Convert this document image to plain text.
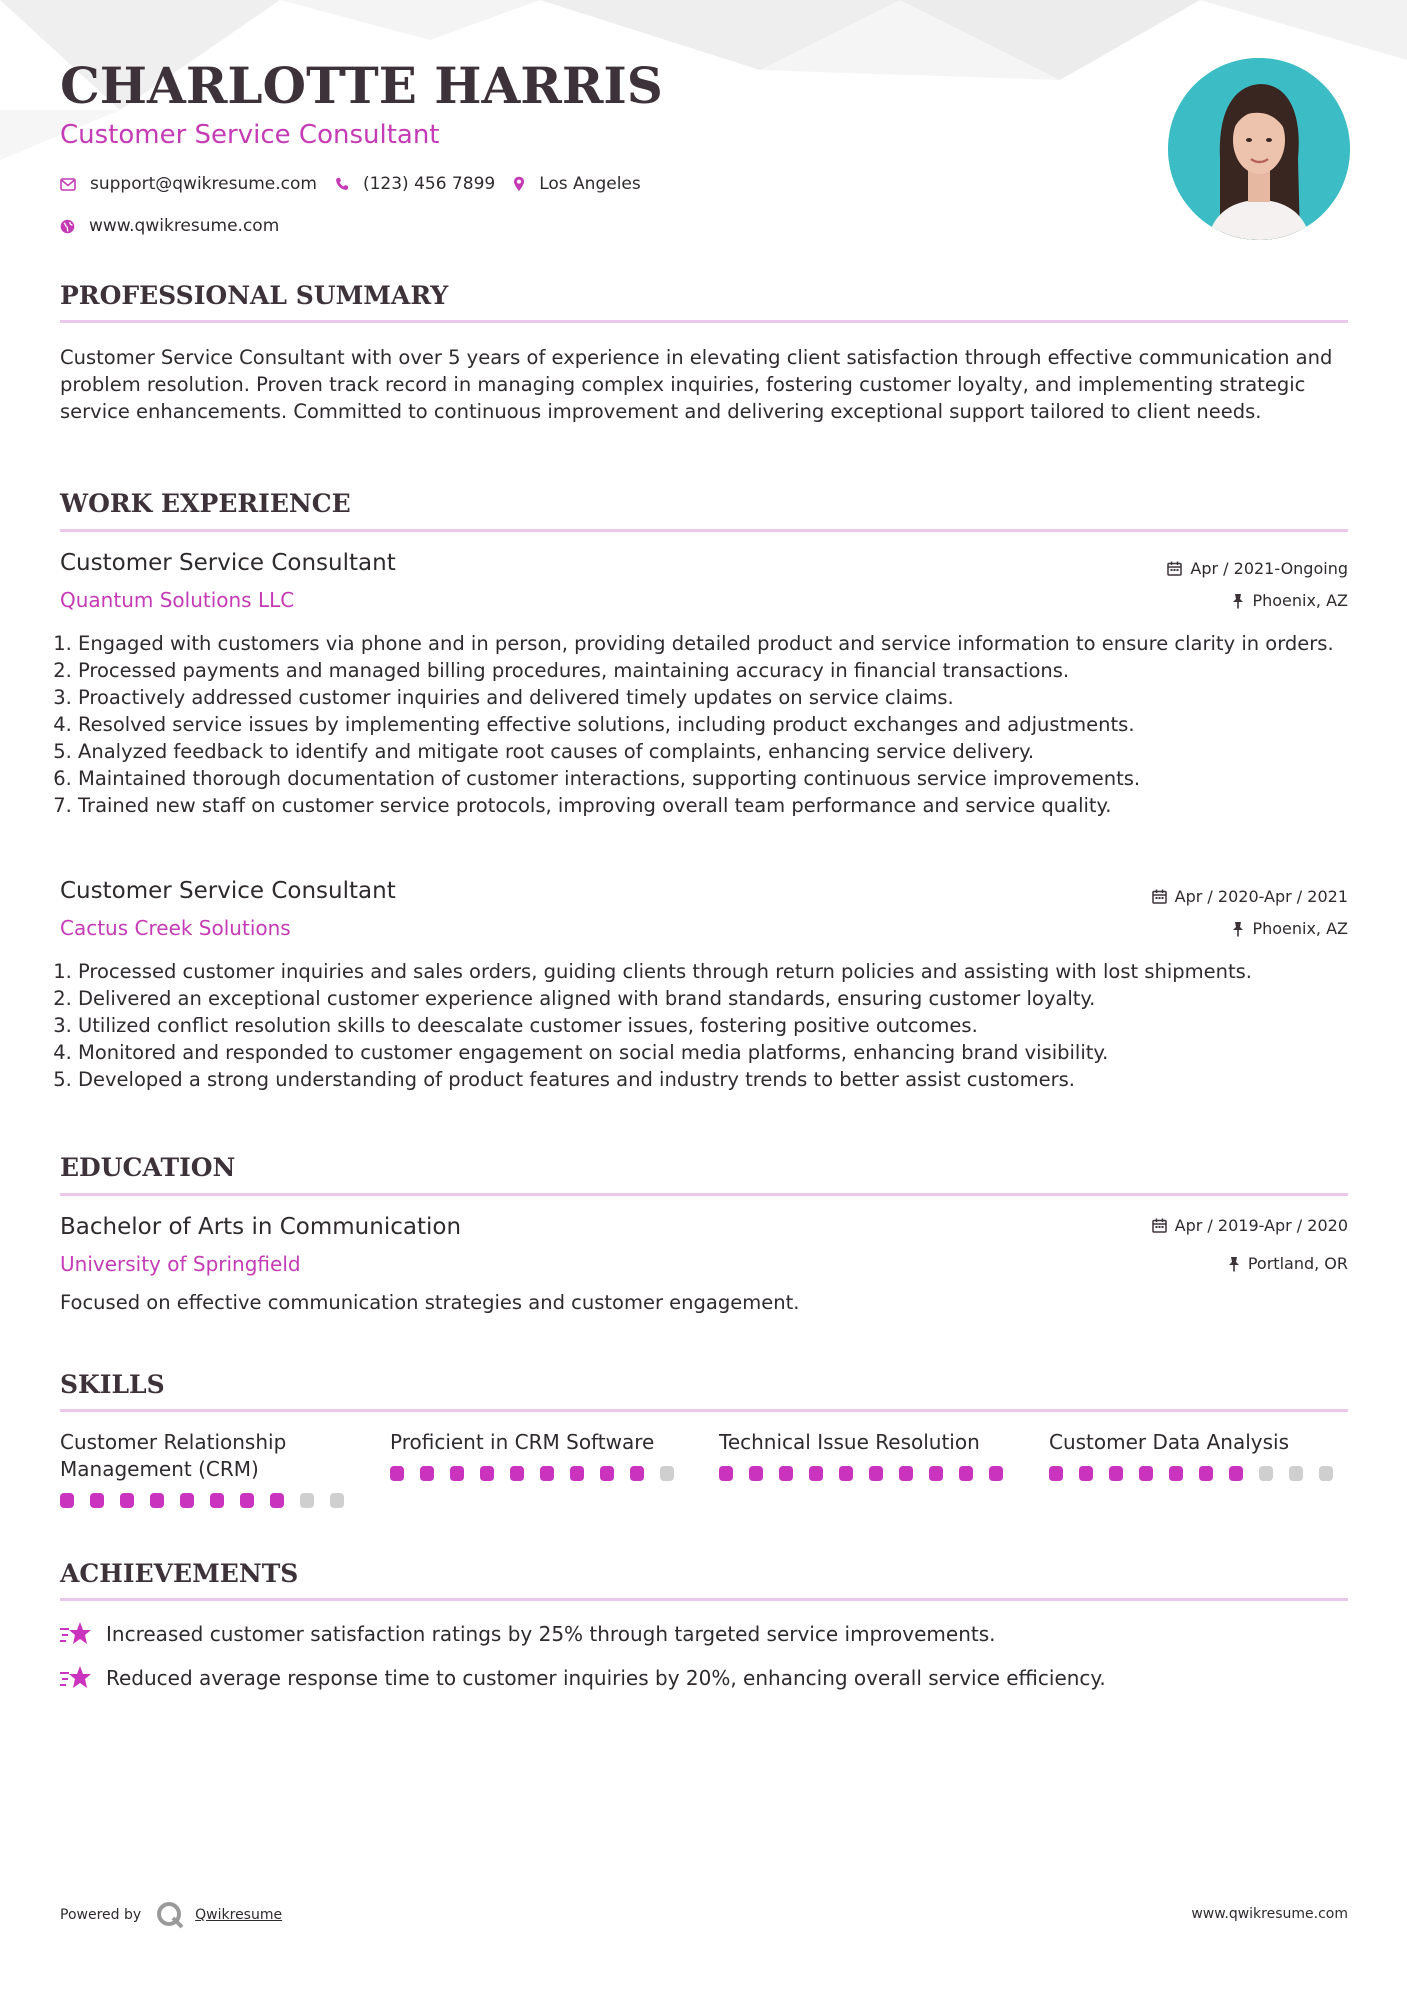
CHARLOTTE HARRIS
Customer Service Consultant
support@qwikresume.com	(123) 456 7899	Los Angeles
www.qwikresume.com
PROFESSIONAL SUMMARY
Customer Service Consultant with over 5 years of experience in elevating client satisfaction through effective communication and problem resolution. Proven track record in managing complex inquiries, fostering customer loyalty, and implementing strategic service enhancements. Committed to continuous improvement and delivering exceptional support tailored to client needs.
WORK EXPERIENCE
Customer Service Consultant
Quantum Solutions LLC
Apr / 2021-Ongoing
Phoenix, AZ
1. Engaged with customers via phone and in person, providing detailed product and service information to ensure clarity in orders.
2. Processed payments and managed billing procedures, maintaining accuracy in financial transactions.
3. Proactively addressed customer inquiries and delivered timely updates on service claims.
4. Resolved service issues by implementing effective solutions, including product exchanges and adjustments.
5. Analyzed feedback to identify and mitigate root causes of complaints, enhancing service delivery.
6. Maintained thorough documentation of customer interactions, supporting continuous service improvements.
7. Trained new staff on customer service protocols, improving overall team performance and service quality.
Customer Service Consultant
Cactus Creek Solutions
Apr / 2020-Apr / 2021
Phoenix, AZ
1. Processed customer inquiries and sales orders, guiding clients through return policies and assisting with lost shipments.
2. Delivered an exceptional customer experience aligned with brand standards, ensuring customer loyalty.
3. Utilized conflict resolution skills to deescalate customer issues, fostering positive outcomes.
4. Monitored and responded to customer engagement on social media platforms, enhancing brand visibility.
5. Developed a strong understanding of product features and industry trends to better assist customers.
EDUCATION
Bachelor of Arts in Communication
University of Springfield
Apr / 2019-Apr / 2020
Portland, OR
Focused on effective communication strategies and customer engagement.
SKILLS
Customer Relationship Management (CRM)
Proficient in CRM Software	Technical Issue Resolution	Customer Data Analysis
ACHIEVEMENTS
Increased customer satisfaction ratings by 25% through targeted service improvements.
Reduced average response time to customer inquiries by 20%, enhancing overall service efficiency.
Powered by	Qwikresume	www.qwikresume.com
